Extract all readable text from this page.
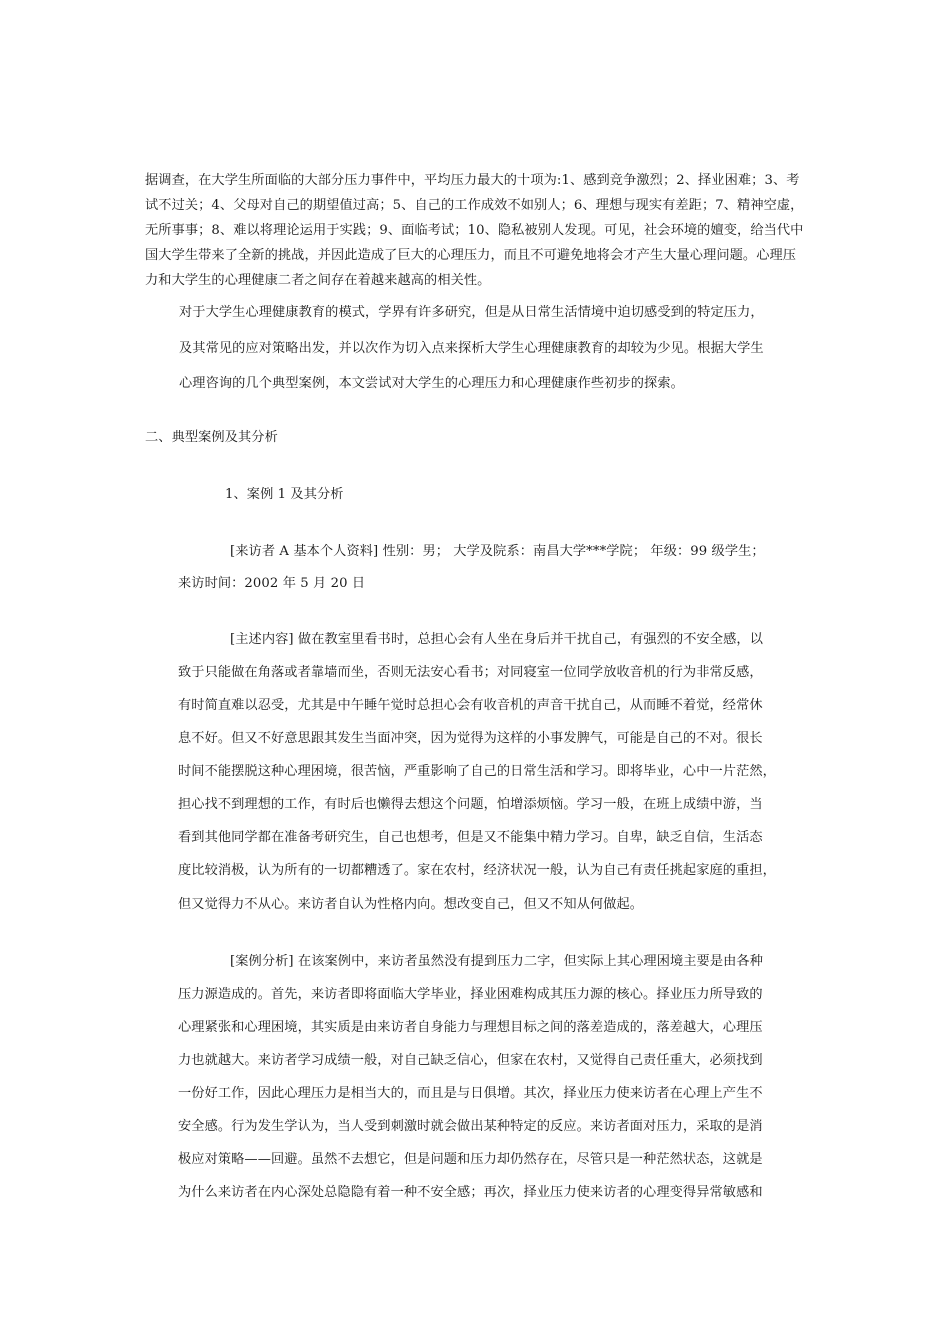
据调查，在大学生所面临的大部分压力事件中，平均压力最大的十项为:1、感到竞争激烈；2、择业困难；3、考
试不过关；4、父母对自己的期望值过高；5、自己的工作成效不如别人；6、理想与现实有差距；7、精神空虚，
无所事事；8、难以将理论运用于实践；9、面临考试；10、隐私被别人发现。可见，社会环境的嬗变，给当代中
国大学生带来了全新的挑战，并因此造成了巨大的心理压力，而且不可避免地将会才产生大量心理问题。心理压
力和大学生的心理健康二者之间存在着越来越高的相关性。
对于大学生心理健康教育的模式，学界有许多研究，但是从日常生活情境中迫切感受到的特定压力，
及其常见的应对策略出发，并以次作为切入点来探析大学生心理健康教育的却较为少见。根据大学生
心理咨询的几个典型案例，本文尝试对大学生的心理压力和心理健康作些初步的探索。
二、典型案例及其分析
1、案例 1 及其分析
[来访者 A 基本个人资料] 性别：男； 大学及院系：南昌大学***学院； 年级：99 级学生；
来访时间：2002 年 5 月 20 日
[主述内容] 做在教室里看书时，总担心会有人坐在身后并干扰自己，有强烈的不安全感，以
致于只能做在角落或者靠墙而坐，否则无法安心看书；对同寝室一位同学放收音机的行为非常反感，
有时简直难以忍受，尤其是中午睡午觉时总担心会有收音机的声音干扰自己，从而睡不着觉，经常休
息不好。但又不好意思跟其发生当面冲突，因为觉得为这样的小事发脾气，可能是自己的不对。很长
时间不能摆脱这种心理困境，很苦恼，严重影响了自己的日常生活和学习。即将毕业，心中一片茫然，
担心找不到理想的工作，有时后也懒得去想这个问题，怕增添烦恼。学习一般，在班上成绩中游，当
看到其他同学都在准备考研究生，自己也想考，但是又不能集中精力学习。自卑，缺乏自信，生活态
度比较消极，认为所有的一切都糟透了。家在农村，经济状况一般，认为自己有责任挑起家庭的重担，
但又觉得力不从心。来访者自认为性格内向。想改变自己，但又不知从何做起。
[案例分析] 在该案例中，来访者虽然没有提到压力二字，但实际上其心理困境主要是由各种
压力源造成的。首先，来访者即将面临大学毕业，择业困难构成其压力源的核心。择业压力所导致的
心理紧张和心理困境，其实质是由来访者自身能力与理想目标之间的落差造成的，落差越大，心理压
力也就越大。来访者学习成绩一般，对自己缺乏信心，但家在农村，又觉得自己责任重大，必须找到
一份好工作，因此心理压力是相当大的，而且是与日俱增。其次，择业压力使来访者在心理上产生不
安全感。行为发生学认为，当人受到刺激时就会做出某种特定的反应。来访者面对压力，采取的是消
极应对策略——回避。虽然不去想它，但是问题和压力却仍然存在，尽管只是一种茫然状态，这就是
为什么来访者在内心深处总隐隐有着一种不安全感；再次，择业压力使来访者的心理变得异常敏感和
